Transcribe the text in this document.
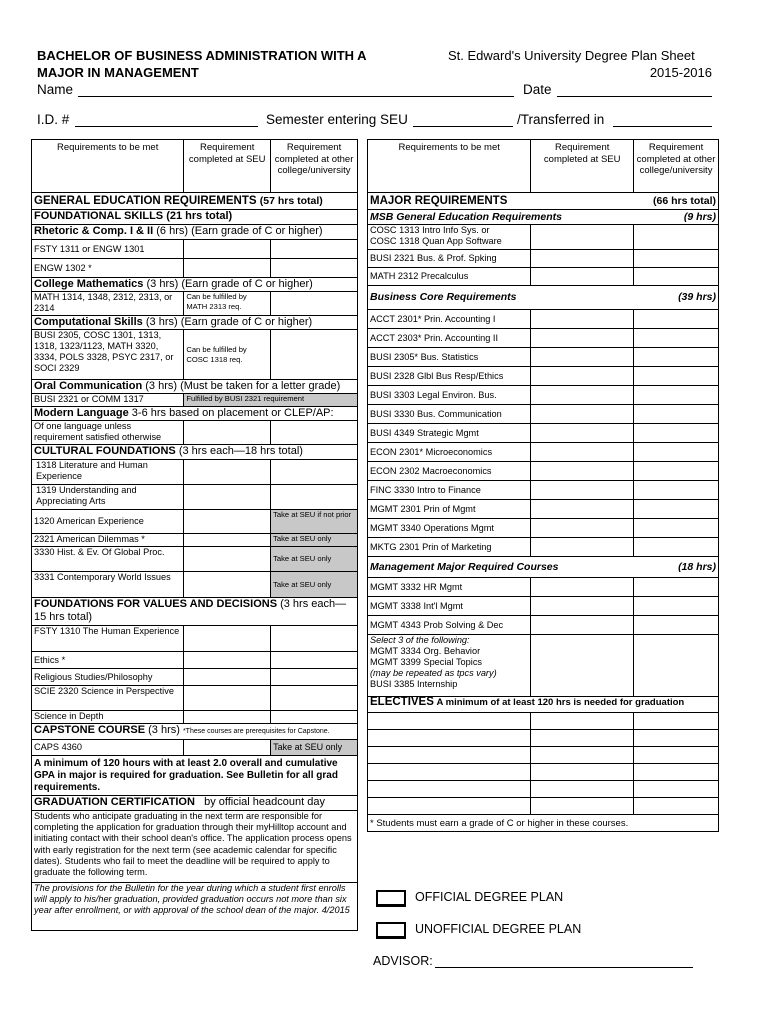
BACHELOR OF BUSINESS ADMINISTRATION WITH A
MAJOR IN MANAGEMENT
St. Edward's University Degree Plan Sheet
2015-2016
Name	Date
I.D. #	Semester entering SEU	/Transferred in
Requirements to be met	Requirement completed at SEU	Requirement completed at other college/university
GENERAL EDUCATION REQUIREMENTS (57 hrs total)		
FOUNDATIONAL SKILLS (21 hrs total)		
Rhetoric & Comp. I & II (6 hrs) (Earn grade of C or higher)		
FSTY 1311 or ENGW 1301		
ENGW 1302 *		
College Mathematics (3 hrs) (Earn grade of C or higher)		
MATH 1314, 1348, 2312, 2313, or 2314	Can be fulfilled by MATH 2313 req.	
Computational Skills (3 hrs) (Earn grade of C or higher)		
BUSI 2305, COSC 1301, 1313, 1318, 1323/1123, MATH 3320, 3334, POLS 3328, PSYC 2317, or SOCI 2329	Can be fulfilled by COSC 1318 req.	
Oral Communication (3 hrs) (Must be taken for a letter grade)		
BUSI 2321 or COMM 1317	Fulfilled by BUSI 2321 requirement	
Modern Language 3-6 hrs based on placement or CLEP/AP:		
Of one language unless requirement satisfied otherwise		
CULTURAL FOUNDATIONS (3 hrs each—18 hrs total)		
1318 Literature and Human Experience		
1319 Understanding and Appreciating Arts		
1320 American Experience		Take at SEU if not prior
2321 American Dilemmas *		Take at SEU only
3330 Hist. & Ev. Of Global Proc.		Take at SEU only
3331 Contemporary World Issues		Take at SEU only
FOUNDATIONS FOR VALUES AND DECISIONS (3 hrs each—15 hrs total)		
FSTY 1310 The Human Experience		
Ethics *		
Religious Studies/Philosophy		
SCIE 2320 Science in Perspective		
Science in Depth		
CAPSTONE COURSE (3 hrs) *These courses are prerequisites for Capstone.		
CAPS 4360		Take at SEU only
A minimum of 120 hours with at least 2.0 overall and cumulative GPA in major is required for graduation. See Bulletin for all grad requirements.		
GRADUATION CERTIFICATION by official headcount day		
Students who anticipate graduating in the next term are responsible for completing the application for graduation through their myHilltop account and initiating contact with their school dean's office. The application process opens with early registration for the next term (see academic calendar for specific dates). Students who fail to meet the deadline will be required to apply to graduate the following term.		
The provisions for the Bulletin for the year during which a student first enrolls will apply to his/her graduation, provided graduation occurs not more than six year after enrollment, or with approval of the school dean of the major. 4/2015		
Requirements to be met	Requirement completed at SEU	Requirement completed at other college/university
MAJOR REQUIREMENTS (66 hrs total)		

MSB General Education Requirements (9 hrs)		

COSC 1313 Intro Info Sys. or
COSC 1318 Quan App Software		
BUSI 2321 Bus. & Prof. Spking		
MATH 2312 Precalculus		
Business Core Requirements (39 hrs)		

ACCT 2301* Prin. Accounting I		
ACCT 2303* Prin. Accounting II		
BUSI 2305* Bus. Statistics		
BUSI 2328 Glbl Bus Resp/Ethics		
BUSI 3303 Legal Environ. Bus.		
BUSI 3330 Bus. Communication		
BUSI 4349 Strategic Mgmt		
ECON 2301* Microeconomics		
ECON 2302 Macroeconomics		
FINC 3330 Intro to Finance		
MGMT 2301 Prin of Mgmt		
MGMT 3340 Operations Mgmt		
MKTG 2301 Prin of Marketing		
Management Major Required Courses (18 hrs)		

MGMT 3332 HR Mgmt		
MGMT 3338 Int'l Mgmt		
MGMT 4343 Prob Solving & Dec		
Select 3 of the following:
MGMT 3334 Org. Behavior
MGMT 3399 Special Topics
(may be repeated as tpcs vary)
BUSI 3385 Internship		
ELECTIVES A minimum of at least 120 hrs is needed for graduation		

* Students must earn a grade of C or higher in these courses.		
OFFICIAL DEGREE PLAN
UNOFFICIAL DEGREE PLAN
ADVISOR:
